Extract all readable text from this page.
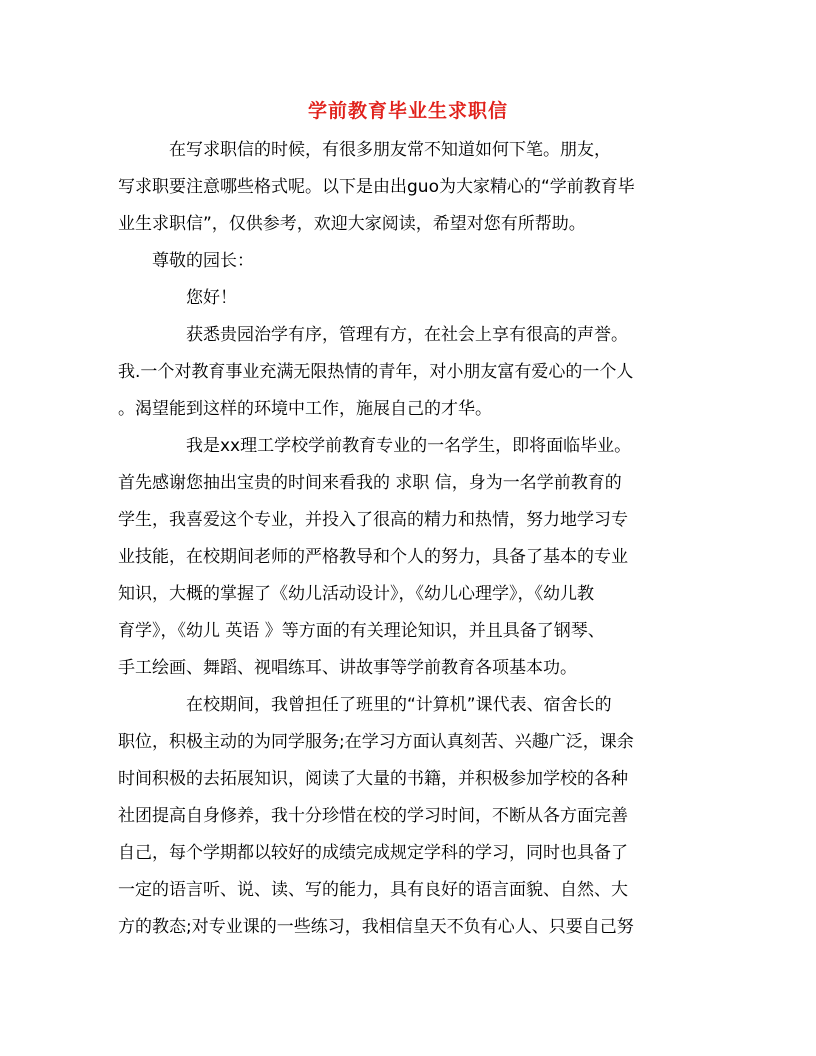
学前教育毕业生求职信
　　　在写求职信的时候，有很多朋友常不知道如何下笔。朋友，
写求职要注意哪些格式呢。以下是由出guo为大家精心的“学前教育毕
业生求职信”，仅供参考，欢迎大家阅读，希望对您有所帮助。
　　尊敬的园长：
　　　　您好！
　　　　获悉贵园治学有序，管理有方，在社会上享有很高的声誉。
我.一个对教育事业充满无限热情的青年，对小朋友富有爱心的一个人
。渴望能到这样的环境中工作，施展自己的才华。
　　　　我是xx理工学校学前教育专业的一名学生，即将面临毕业。
首先感谢您抽出宝贵的时间来看我的 求职 信，身为一名学前教育的
学生，我喜爱这个专业，并投入了很高的精力和热情，努力地学习专
业技能，在校期间老师的严格教导和个人的努力，具备了基本的专业
知识，大概的掌握了《幼儿活动设计》，《幼儿心理学》，《幼儿教
育学》，《幼儿 英语 》等方面的有关理论知识，并且具备了钢琴、
手工绘画、舞蹈、视唱练耳、讲故事等学前教育各项基本功。
　　　　在校期间，我曾担任了班里的“计算机”课代表、宿舍长的
职位，积极主动的为同学服务;在学习方面认真刻苦、兴趣广泛，课余
时间积极的去拓展知识，阅读了大量的书籍，并积极参加学校的各种
社团提高自身修养，我十分珍惜在校的学习时间，不断从各方面完善
自己，每个学期都以较好的成绩完成规定学科的学习，同时也具备了
一定的语言听、说、读、写的能力，具有良好的语言面貌、自然、大
方的教态;对专业课的一些练习，我相信皇天不负有心人、只要自己努
